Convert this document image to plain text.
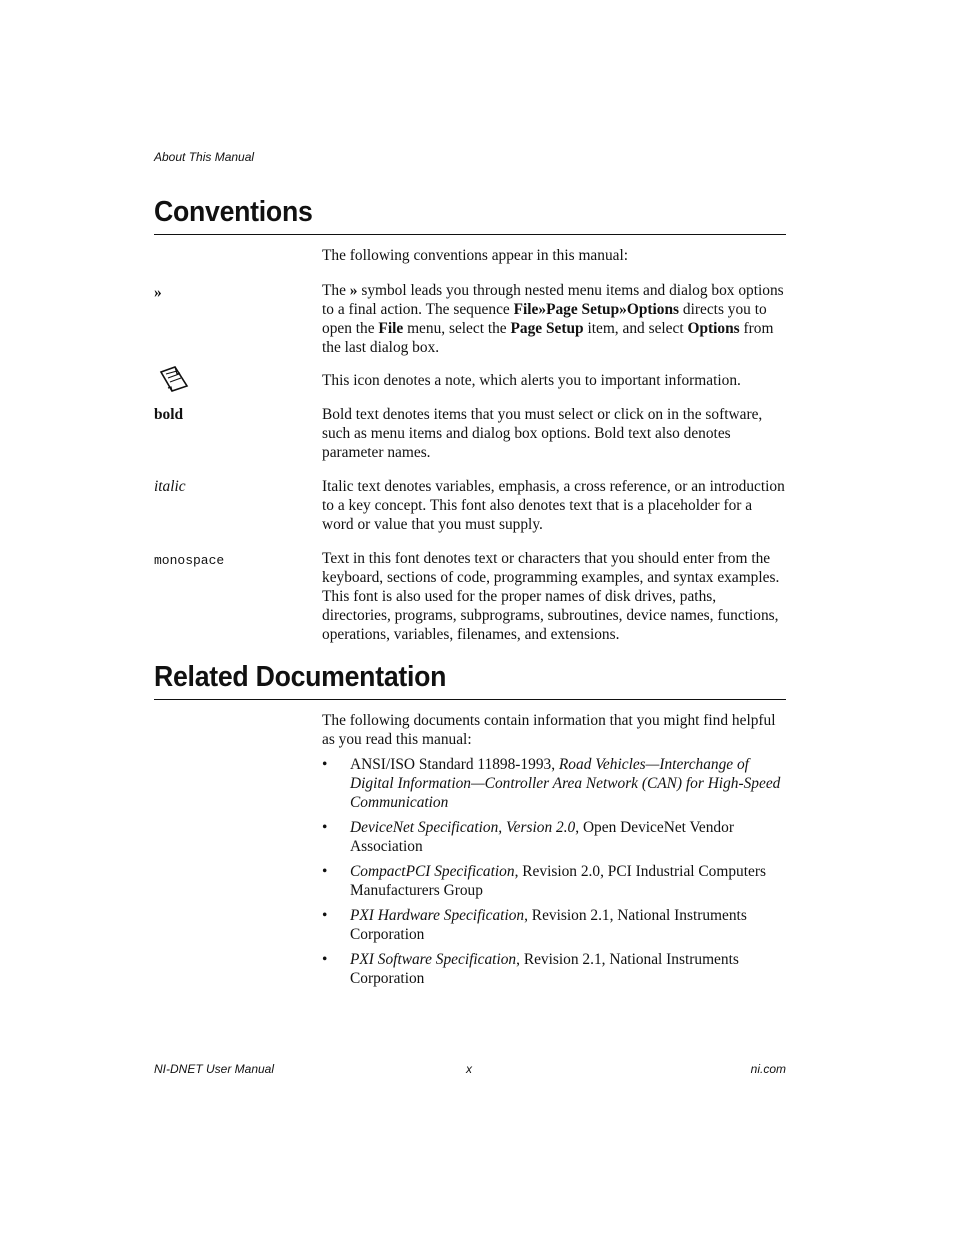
About This Manual
Conventions
The following conventions appear in this manual:
»	The » symbol leads you through nested menu items and dialog box options to a final action. The sequence File»Page Setup»Options directs you to open the File menu, select the Page Setup item, and select Options from the last dialog box.
This icon denotes a note, which alerts you to important information.
bold	Bold text denotes items that you must select or click on in the software, such as menu items and dialog box options. Bold text also denotes parameter names.
italic	Italic text denotes variables, emphasis, a cross reference, or an introduction to a key concept. This font also denotes text that is a placeholder for a word or value that you must supply.
monospace	Text in this font denotes text or characters that you should enter from the keyboard, sections of code, programming examples, and syntax examples. This font is also used for the proper names of disk drives, paths, directories, programs, subprograms, subroutines, device names, functions, operations, variables, filenames, and extensions.
Related Documentation
The following documents contain information that you might find helpful as you read this manual:
• ANSI/ISO Standard 11898-1993, Road Vehicles—Interchange of Digital Information—Controller Area Network (CAN) for High-Speed Communication
• DeviceNet Specification, Version 2.0, Open DeviceNet Vendor Association
• CompactPCI Specification, Revision 2.0, PCI Industrial Computers Manufacturers Group
• PXI Hardware Specification, Revision 2.1, National Instruments Corporation
• PXI Software Specification, Revision 2.1, National Instruments Corporation
NI-DNET User Manual	x	ni.com
